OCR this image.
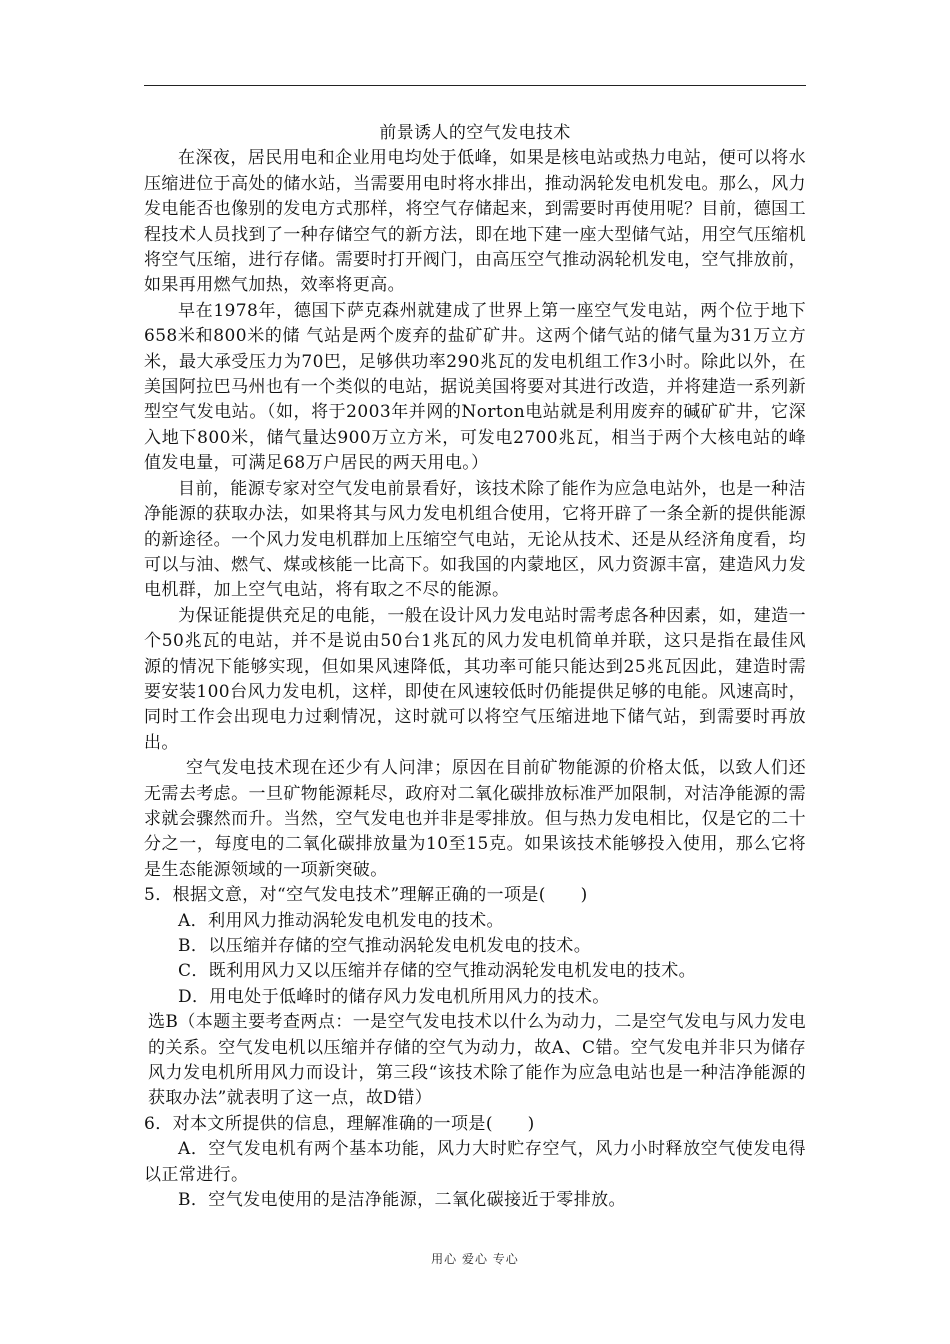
前景诱人的空气发电技术

在深夜，居民用电和企业用电均处于低峰，如果是核电站或热力电站，便可以将水压缩进位于高处的储水站，当需要用电时将水排出，推动涡轮发电机发电。那么，风力发电能否也像别的发电方式那样，将空气存储起来，到需要时再使用呢？目前，德国工程技术人员找到了一种存储空气的新方法，即在地下建一座大型储气站，用空气压缩机将空气压缩，进行存储。需要时打开阀门，由高压空气推动涡轮机发电，空气排放前，如果再用燃气加热，效率将更高。

早在1978年，德国下萨克森州就建成了世界上第一座空气发电站，两个位于地下658米和800米的储 气站是两个废弃的盐矿矿井。这两个储气站的储气量为31万立方米，最大承受压力为70巴，足够供功率290兆瓦的发电机组工作3小时。除此以外，在美国阿拉巴马州也有一个类似的电站，据说美国将要对其进行改造，并将建造一系列新型空气发电站。（如，将于2003年并网的Norton电站就是利用废弃的碱矿矿井，它深入地下800米，储气量达900万立方米，可发电2700兆瓦，相当于两个大核电站的峰值发电量，可满足68万户居民的两天用电。）

目前，能源专家对空气发电前景看好，该技术除了能作为应急电站外，也是一种洁净能源的获取办法，如果将其与风力发电机组合使用，它将开辟了一条全新的提供能源的新途径。一个风力发电机群加上压缩空气电站，无论从技术、还是从经济角度看，均可以与油、燃气、煤或核能一比高下。如我国的内蒙地区，风力资源丰富，建造风力发电机群，加上空气电站，将有取之不尽的能源。

为保证能提供充足的电能，一般在设计风力发电站时需考虑各种因素，如，建造一个50兆瓦的电站，并不是说由50台1兆瓦的风力发电机简单并联，这只是指在最佳风源的情况下能够实现，但如果风速降低，其功率可能只能达到25兆瓦因此，建造时需要安装100台风力发电机，这样，即使在风速较低时仍能提供足够的电能。风速高时，同时工作会出现电力过剩情况，这时就可以将空气压缩进地下储气站，到需要时再放出。

空气发电技术现在还少有人问津；原因在目前矿物能源的价格太低，以致人们还无需去考虑。一旦矿物能源耗尽，政府对二氧化碳排放标准严加限制，对洁净能源的需求就会骤然而升。当然，空气发电也并非是零排放。但与热力发电相比，仅是它的二十分之一，每度电的二氧化碳排放量为10至15克。如果该技术能够投入使用，那么它将是生态能源领域的一项新突破。

5．根据文意，对“空气发电技术”理解正确的一项是(　　)

A．利用风力推动涡轮发电机发电的技术。

B．以压缩并存储的空气推动涡轮发电机发电的技术。

C．既利用风力又以压缩并存储的空气推动涡轮发电机发电的技术。

D．用电处于低峰时的储存风力发电机所用风力的技术。

选B（本题主要考查两点：一是空气发电技术以什么为动力，二是空气发电与风力发电的关系。空气发电机以压缩并存储的空气为动力，故A、C错。空气发电并非只为储存风力发电机所用风力而设计，第三段“该技术除了能作为应急电站也是一种洁净能源的获取办法”就表明了这一点，故D错）

6．对本文所提供的信息，理解准确的一项是(　　)

A．空气发电机有两个基本功能，风力大时贮存空气，风力小时释放空气使发电得以正常进行。

B．空气发电使用的是洁净能源，二氧化碳接近于零排放。

用心 爱心 专心
